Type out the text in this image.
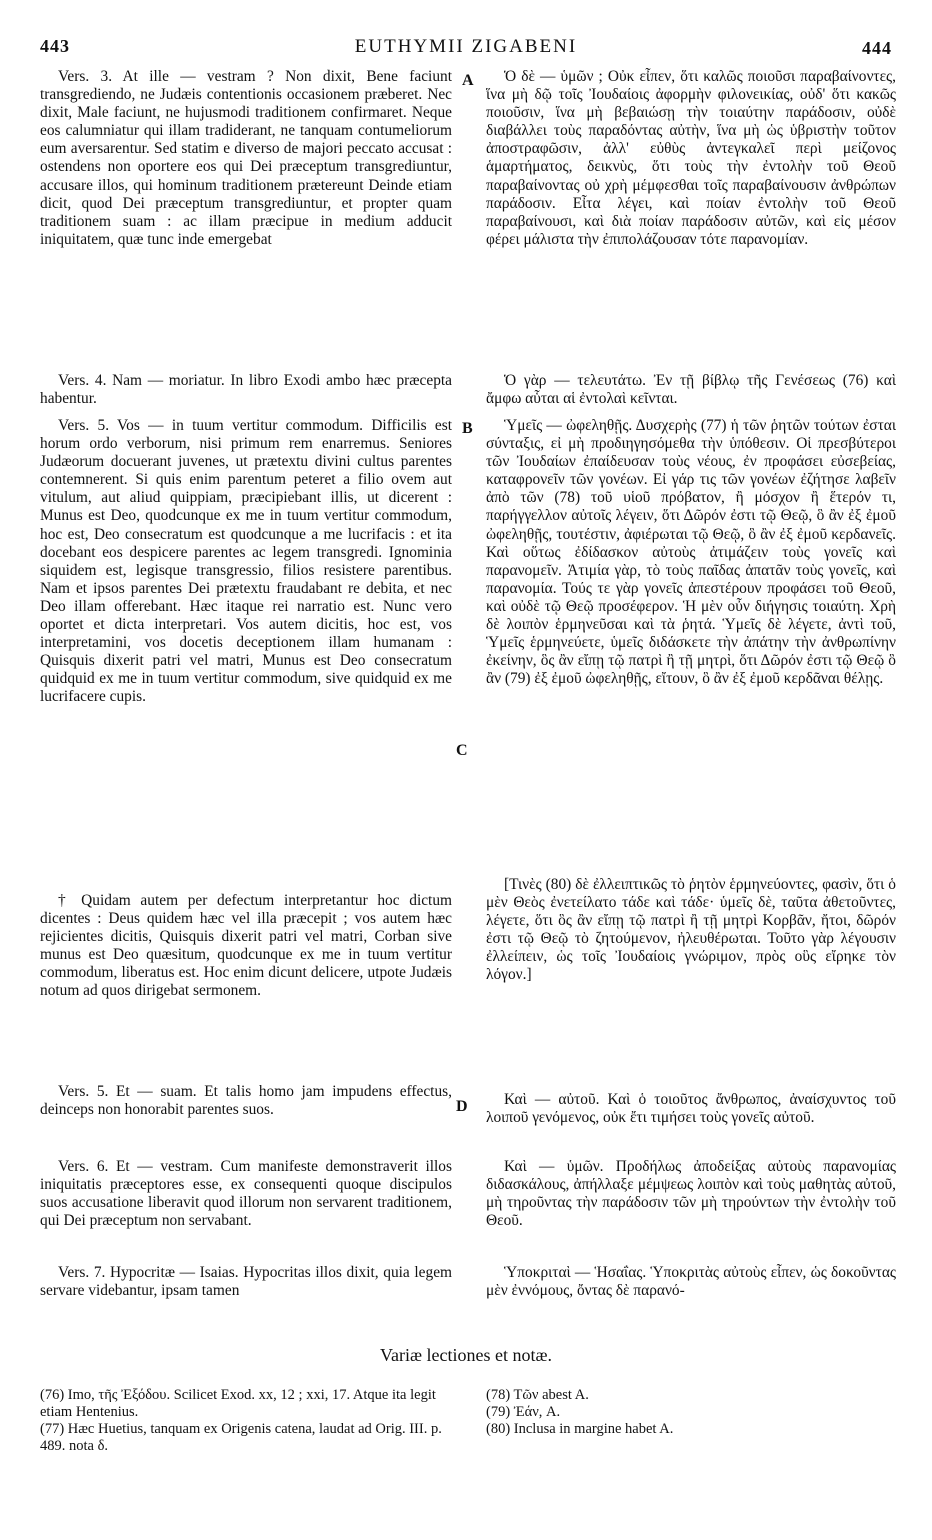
443	EUTHYMII ZIGABENI	444

Vers. 3. At ille — vestram ? Non dixit, Bene faciunt transgrediendo, ne Judæis contentionis occasionem præberet. Nec dixit, Male faciunt, ne hujusmodi traditionem confirmaret. Neque eos calumniatur qui illam tradiderant, ne tanquam contumeliorum eum aversarentur. Sed statim e diverso de majori peccato accusat : ostendens non oportere eos qui Dei præceptum transgrediuntur, accusare illos, qui hominum traditionem prætereunt Deinde etiam dicit, quod Dei præceptum transgrediuntur, et propter quam traditionem suam : ac illam præcipue in medium adducit iniquitatem, quæ tunc inde emergebat

Vers. 4. Nam — moriatur. In libro Exodi ambo hæc præcepta habentur.

Vers. 5. Vos — in tuum vertitur commodum. Difficilis est horum ordo verborum, nisi primum rem enarremus. Seniores Judæorum docuerant juvenes, ut prætextu divini cultus parentes contemnerent. Si quis enim parentum peteret a filio ovem aut vitulum, aut aliud quippiam, præcipiebant illis, ut dicerent : Munus est Deo, quodcunque ex me in tuum vertitur commodum, hoc est, Deo consecratum est quodcunque a me lucrifacis : et ita docebant eos despicere parentes ac legem transgredi. Ignominia siquidem est, legisque transgressio, filios resistere parentibus. Nam et ipsos parentes Dei prætextu fraudabant re debita, et nec Deo illam offerebant. Hæc itaque rei narratio est. Nunc vero oportet et dicta interpretari. Vos autem dicitis, hoc est, vos interpretamini, vos docetis deceptionem illam humanam : Quisquis dixerit patri vel matri, Munus est Deo consecratum quidquid ex me in tuum vertitur commodum, sive quidquid ex me lucrifacere cupis.

† Quidam autem per defectum interpretantur hoc dictum dicentes : Deus quidem hæc vel illa præcepit ; vos autem hæc rejicientes dicitis, Quisquis dixerit patri vel matri, Corban sive munus est Deo quæsitum, quodcunque ex me in tuum vertitur commodum, liberatus est. Hoc enim dicunt delicere, utpote Judæis notum ad quos dirigebat sermonem.

Vers. 5. Et — suam. Et talis homo jam impudens effectus, deinceps non honorabit parentes suos.

Vers. 6. Et — vestram. Cum manifeste demonstraverit illos iniquitatis præceptores esse, ex consequenti quoque discipulos suos accusatione liberavit quod illorum non servarent traditionem, qui Dei præceptum non servabant.

Vers. 7. Hypocritæ — Isaias. Hypocritas illos dixit, quia legem servare videbantur, ipsam tamen

A
B
C
D

Ὁ δὲ — ὑμῶν ; Οὐκ εἶπεν, ὅτι καλῶς ποιοῦσι παραβαίνοντες, ἵνα μὴ δῷ τοῖς Ἰουδαίοις ἀφορμὴν φιλονεικίας, οὐδ' ὅτι κακῶς ποιοῦσιν, ἵνα μὴ βεβαιώσῃ τὴν τοιαύτην παράδοσιν, οὐδὲ διαβάλλει τοὺς παραδόντας αὐτὴν, ἵνα μὴ ὡς ὑβριστὴν τοῦτον ἀποστραφῶσιν, ἀλλ' εὐθὺς ἀντεγκαλεῖ περὶ μείζονος ἁμαρτήματος, δεικνὺς, ὅτι τοὺς τὴν ἐντολὴν τοῦ Θεοῦ παραβαίνοντας οὐ χρὴ μέμφεσθαι τοῖς παραβαίνουσιν ἀνθρώπων παράδοσιν. Εἶτα λέγει, καὶ ποίαν ἐντολὴν τοῦ Θεοῦ παραβαίνουσι, καὶ διὰ ποίαν παράδοσιν αὐτῶν, καὶ εἰς μέσον φέρει μάλιστα τὴν ἐπιπολάζουσαν τότε παρανομίαν.

Ὁ γὰρ — τελευτάτω. Ἐν τῇ βίβλῳ τῆς Γενέσεως (76) καὶ ἄμφω αὗται αἱ ἐντολαὶ κεῖνται.

Ὑμεῖς — ὠφεληθῇς. Δυσχερὴς (77) ἡ τῶν ῥητῶν τούτων ἐσται σύνταξις, εἰ μὴ προδιηγησόμεθα τὴν ὑπόθεσιν. Οἱ πρεσβύτεροι τῶν Ἰουδαίων ἐπαίδευσαν τοὺς νέους, ἐν προφάσει εὐσεβείας, καταφρονεῖν τῶν γονέων. Εἰ γάρ τις τῶν γονέων ἐζήτησε λαβεῖν ἀπὸ τῶν (78) τοῦ υἱοῦ πρόβατον, ἢ μόσχον ἢ ἕτερόν τι, παρήγγελλον αὐτοῖς λέγειν, ὅτι Δῶρόν ἐστι τῷ Θεῷ, ὃ ἂν ἐξ ἐμοῦ ὠφεληθῇς, τουτέστιν, ἀφιέρωται τῷ Θεῷ, ὃ ἂν ἐξ ἐμοῦ κερδανεῖς. Καὶ οὕτως ἐδίδασκον αὐτοὺς ἀτιμάζειν τοὺς γονεῖς καὶ παρανομεῖν. Ἀτιμία γὰρ, τὸ τοὺς παῖδας ἀπατᾶν τοὺς γονεῖς, καὶ παρανομία. Τούς τε γὰρ γονεῖς ἀπεστέρουν προφάσει τοῦ Θεοῦ, καὶ οὐδὲ τῷ Θεῷ προσέφερον. Ἡ μὲν οὖν διήγησις τοιαύτη. Χρὴ δὲ λοιπὸν ἑρμηνεῦσαι καὶ τὰ ῥητά. Ὑμεῖς δὲ λέγετε, ἀντὶ τοῦ, Ὑμεῖς ἑρμηνεύετε, ὑμεῖς διδάσκετε τὴν ἀπάτην τὴν ἀνθρωπίνην ἐκείνην, ὃς ἂν εἴπῃ τῷ πατρὶ ἢ τῇ μητρὶ, ὅτι Δῶρόν ἐστι τῷ Θεῷ ὃ ἂν (79) ἐξ ἐμοῦ ὠφεληθῇς, εἴτουν, ὃ ἂν ἐξ ἐμοῦ κερδᾶναι θέλῃς.

[Τινὲς (80) δὲ ἐλλειπτικῶς τὸ ῥητὸν ἑρμηνεύοντες, φασὶν, ὅτι ὁ μὲν Θεὸς ἐνετείλατο τάδε καὶ τάδε· ὑμεῖς δὲ, ταῦτα ἀθετοῦντες, λέγετε, ὅτι ὃς ἂν εἴπῃ τῷ πατρὶ ἢ τῇ μητρὶ Κορβᾶν, ἤτοι, δῶρόν ἐστι τῷ Θεῷ τὸ ζητούμενον, ἠλευθέρωται. Τοῦτο γὰρ λέγουσιν ἐλλείπειν, ὡς τοῖς Ἰουδαίοις γνώριμον, πρὸς οὓς εἴρηκε τὸν λόγον.]

Καὶ — αὐτοῦ. Καὶ ὁ τοιοῦτος ἄνθρωπος, ἀναίσχυντος τοῦ λοιποῦ γενόμενος, οὐκ ἔτι τιμήσει τοὺς γονεῖς αὐτοῦ.

Καὶ — ὑμῶν. Προδήλως ἀποδείξας αὐτοὺς παρανομίας διδασκάλους, ἀπήλλαξε μέμψεως λοιπὸν καὶ τοὺς μαθητὰς αὐτοῦ, μὴ τηροῦντας τὴν παράδοσιν τῶν μὴ τηρούντων τὴν ἐντολὴν τοῦ Θεοῦ.

Ὑποκριταὶ — Ἡσαΐας. Ὑποκριτὰς αὐτοὺς εἶπεν, ὡς δοκοῦντας μὲν ἐννόμους, ὄντας δὲ παρανό-

Variæ lectiones et notæ.
(76) Imo, τῆς Ἐξόδου. Scilicet Exod. xx, 12 ; xxi, 17. Atque ita legit etiam Hentenius.
(77) Hæc Huetius, tanquam ex Origenis catena, laudat ad Orig. III. p. 489. nota δ.
(78) Τῶν abest A.
(79) Ἐάν, A.
(80) Inclusa in margine habet A.
